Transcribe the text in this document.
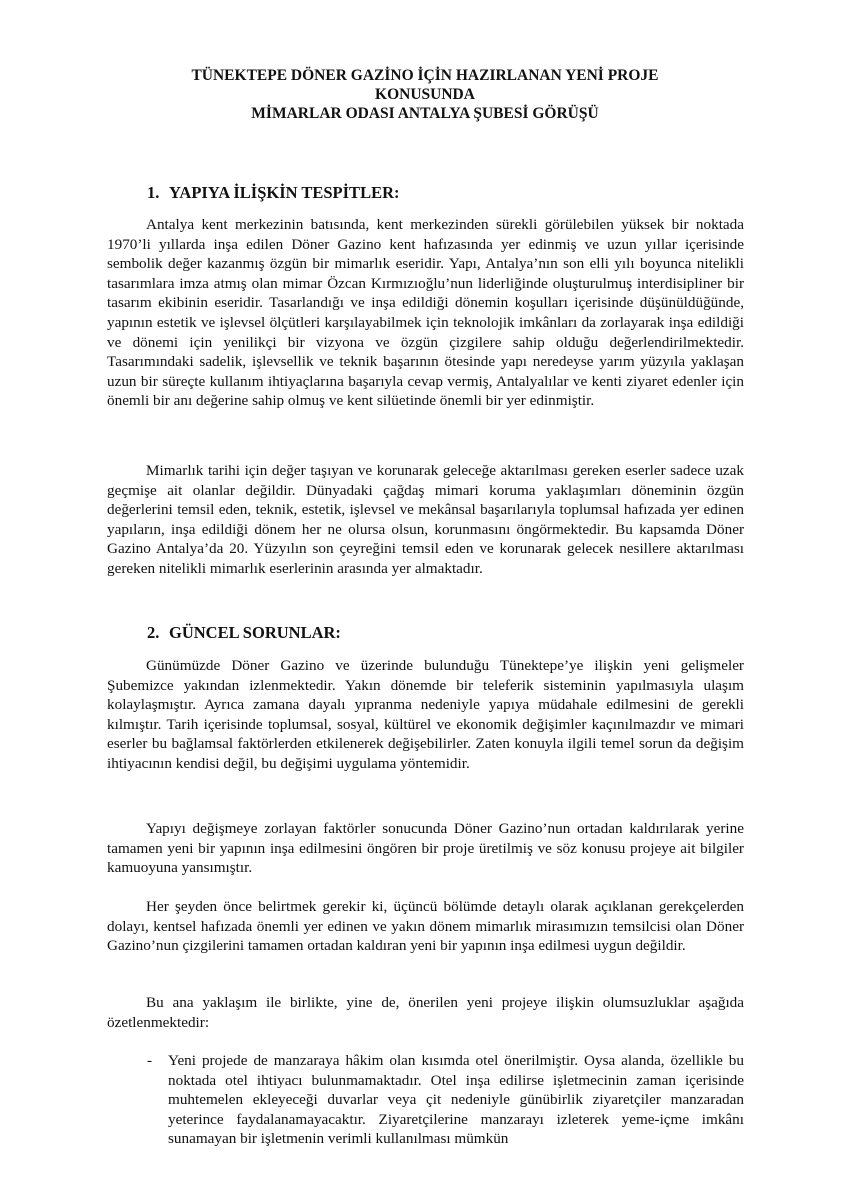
TÜNEKTEPE DÖNER GAZİNO İÇİN HAZIRLANAN YENİ PROJE
KONUSUNDA
MİMARLAR ODASI ANTALYA ŞUBESİ GÖRÜŞÜ
1. YAPIYA İLİŞKİN TESPİTLER:

Antalya kent merkezinin batısında, kent merkezinden sürekli görülebilen yüksek bir noktada 1970’li yıllarda inşa edilen Döner Gazino kent hafızasında yer edinmiş ve uzun yıllar içerisinde sembolik değer kazanmış özgün bir mimarlık eseridir. Yapı, Antalya’nın son elli yılı boyunca nitelikli tasarımlara imza atmış olan mimar Özcan Kırmızıoğlu’nun liderliğinde oluşturulmuş interdisipliner bir tasarım ekibinin eseridir. Tasarlandığı ve inşa edildiği dönemin koşulları içerisinde düşünüldüğünde, yapının estetik ve işlevsel ölçütleri karşılayabilmek için teknolojik imkânları da zorlayarak inşa edildiği ve dönemi için yenilikçi bir vizyona ve özgün çizgilere sahip olduğu değerlendirilmektedir. Tasarımındaki sadelik, işlevsellik ve teknik başarının ötesinde yapı neredeyse yarım yüzyıla yaklaşan uzun bir süreçte kullanım ihtiyaçlarına başarıyla cevap vermiş, Antalyalılar ve kenti ziyaret edenler için önemli bir anı değerine sahip olmuş ve kent silüetinde önemli bir yer edinmiştir.

Mimarlık tarihi için değer taşıyan ve korunarak geleceğe aktarılması gereken eserler sadece uzak geçmişe ait olanlar değildir. Dünyadaki çağdaş mimari koruma yaklaşımları döneminin özgün değerlerini temsil eden, teknik, estetik, işlevsel ve mekânsal başarılarıyla toplumsal hafızada yer edinen yapıların, inşa edildiği dönem her ne olursa olsun, korunmasını öngörmektedir. Bu kapsamda Döner Gazino Antalya’da 20. Yüzyılın son çeyreğini temsil eden ve korunarak gelecek nesillere aktarılması gereken nitelikli mimarlık eserlerinin arasında yer almaktadır.

2. GÜNCEL SORUNLAR:

Günümüzde Döner Gazino ve üzerinde bulunduğu Tünektepe’ye ilişkin yeni gelişmeler Şubemizce yakından izlenmektedir. Yakın dönemde bir teleferik sisteminin yapılmasıyla ulaşım kolaylaşmıştır. Ayrıca zamana dayalı yıpranma nedeniyle yapıya müdahale edilmesini de gerekli kılmıştır. Tarih içerisinde toplumsal, sosyal, kültürel ve ekonomik değişimler kaçınılmazdır ve mimari eserler bu bağlamsal faktörlerden etkilenerek değişebilirler. Zaten konuyla ilgili temel sorun da değişim ihtiyacının kendisi değil, bu değişimi uygulama yöntemidir.

Yapıyı değişmeye zorlayan faktörler sonucunda Döner Gazino’nun ortadan kaldırılarak yerine tamamen yeni bir yapının inşa edilmesini öngören bir proje üretilmiş ve söz konusu projeye ait bilgiler kamuoyuna yansımıştır.

Her şeyden önce belirtmek gerekir ki, üçüncü bölümde detaylı olarak açıklanan gerekçelerden dolayı, kentsel hafızada önemli yer edinen ve yakın dönem mimarlık mirasımızın temsilcisi olan Döner Gazino’nun çizgilerini tamamen ortadan kaldıran yeni bir yapının inşa edilmesi uygun değildir.

Bu ana yaklaşım ile birlikte, yine de, önerilen yeni projeye ilişkin olumsuzluklar aşağıda özetlenmektedir:

- Yeni projede de manzaraya hâkim olan kısımda otel önerilmiştir. Oysa alanda, özellikle bu noktada otel ihtiyacı bulunmamaktadır. Otel inşa edilirse işletmecinin zaman içerisinde muhtemelen ekleyeceği duvarlar veya çit nedeniyle günübirlik ziyaretçiler manzaradan yeterince faydalanamayacaktır. Ziyaretçilerine manzarayı izleterek yeme-içme imkânı sunamayan bir işletmenin verimli kullanılması mümkün
